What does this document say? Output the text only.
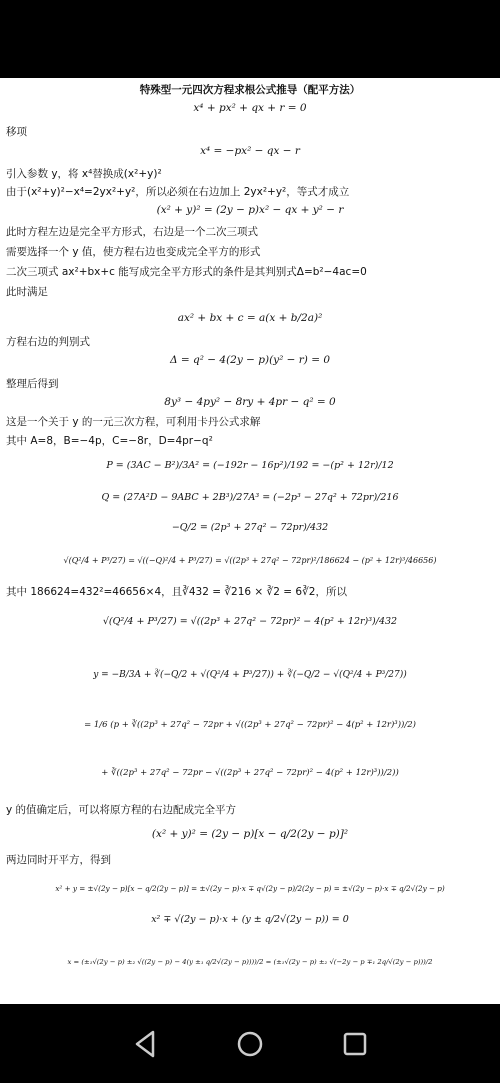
特殊型一元四次方程求根公式推导（配平方法）
x⁴ + px² + qx + r = 0
移项
x⁴ = −px² − qx − r
引入参数 y，将 x⁴替换成(x²+y)²
由于(x²+y)²−x⁴=2yx²+y²，所以必须在右边加上 2yx²+y²，等式才成立
(x² + y)² = (2y − p)x² − qx + y² − r
此时方程左边是完全平方形式，右边是一个二次三项式
需要选择一个 y 值，使方程右边也变成完全平方的形式
二次三项式 ax²+bx+c 能写成完全平方形式的条件是其判别式Δ=b²−4ac=0
此时满足
ax² + bx + c = a(x + b/2a)²
方程右边的判别式
Δ = q² − 4(2y − p)(y² − r) = 0
整理后得到
8y³ − 4py² − 8ry + 4pr − q² = 0
这是一个关于 y 的一元三次方程，可利用卡丹公式求解
其中 A=8，B=−4p，C=−8r，D=4pr−q²
P = (3AC − B²)/3A² = (−192r − 16p²)/192 = −(p² + 12r)/12
Q = (27A²D − 9ABC + 2B³)/27A³ = (−2p³ − 27q² + 72pr)/216
−Q/2 = (2p³ + 27q² − 72pr)/432
√(Q²/4 + P³/27) = √((−Q)²/4 + P³/27) = √((2p³ + 27q² − 72pr)²/186624 − (p² + 12r)³/46656)
其中 186624=432²=46656×4，且∛432 = ∛216 × ∛2 = 6∛2，所以
√(Q²/4 + P³/27) = √((2p³ + 27q² − 72pr)² − 4(p² + 12r)³)/432
y = −B/3A + ∛(−Q/2 + √(Q²/4 + P³/27)) + ∛(−Q/2 − √(Q²/4 + P³/27))
= 1/6 (p + ∛((2p³ + 27q² − 72pr + √((2p³ + 27q² − 72pr)² − 4(p² + 12r)³))/2)
+ ∛((2p³ + 27q² − 72pr − √((2p³ + 27q² − 72pr)² − 4(p² + 12r)³))/2))
y 的值确定后，可以将原方程的右边配成完全平方
(x² + y)² = (2y − p)[x − q/2(2y − p)]²
两边同时开平方，得到
x² + y = ±√(2y − p)[x − q/2(2y − p)] = ±√(2y − p)·x ∓ q√(2y − p)/2(2y − p) = ±√(2y − p)·x ∓ q/2√(2y − p)
x² ∓ √(2y − p)·x + (y ± q/2√(2y − p)) = 0
x = (±₁√(2y − p) ±₂ √((2y − p) − 4(y ±₁ q/2√(2y − p))))/2 = (±₁√(2y − p) ±₂ √(−2y − p ∓₁ 2q/√(2y − p)))/2
